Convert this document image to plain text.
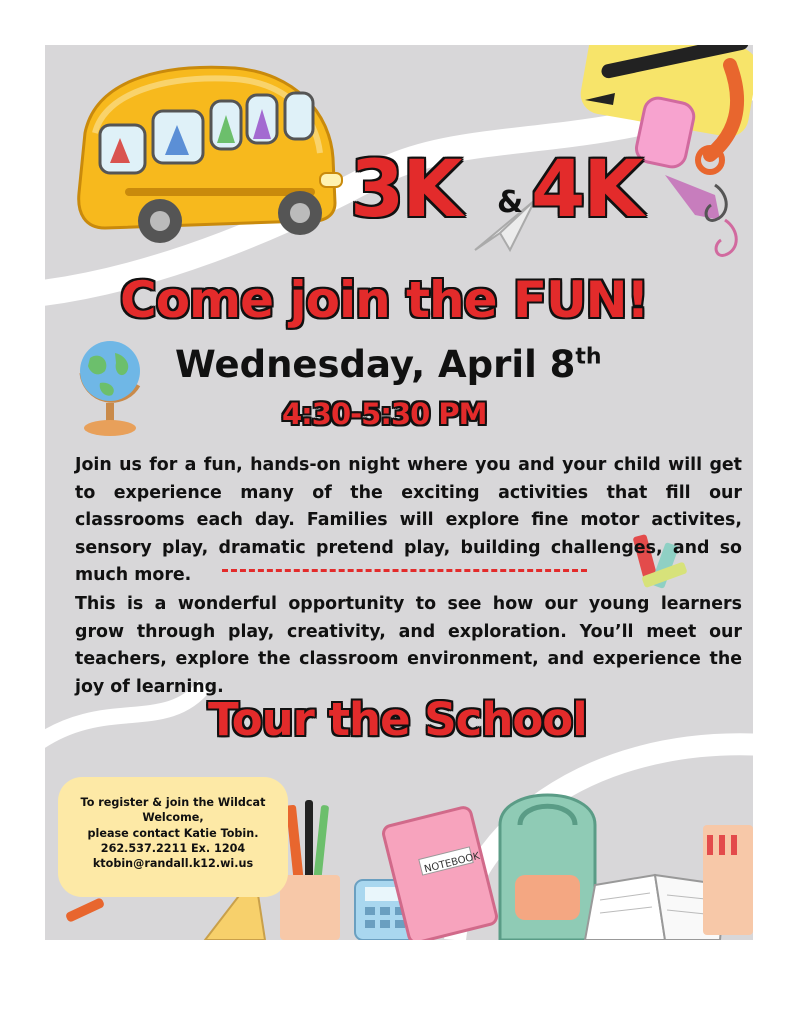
NOTEBOOK
3K & 4K
Come join the FUN!
Wednesday, April 8th
4:30-5:30 PM

Join us for a fun, hands-on night where you and your child will get to experience many of the exciting activities that fill our classrooms each day. Families will explore fine motor activites, sensory play, dramatic pretend play, building challenges, and so much more.

This is a wonderful opportunity to see how our young learners grow through play, creativity, and exploration. You’ll meet our teachers, explore the classroom environment, and experience the joy of learning.

Tour the School

To register & join the Wildcat

Welcome,

please contact Katie Tobin.

262.537.2211 Ex. 1204

ktobin@randall.k12.wi.us
